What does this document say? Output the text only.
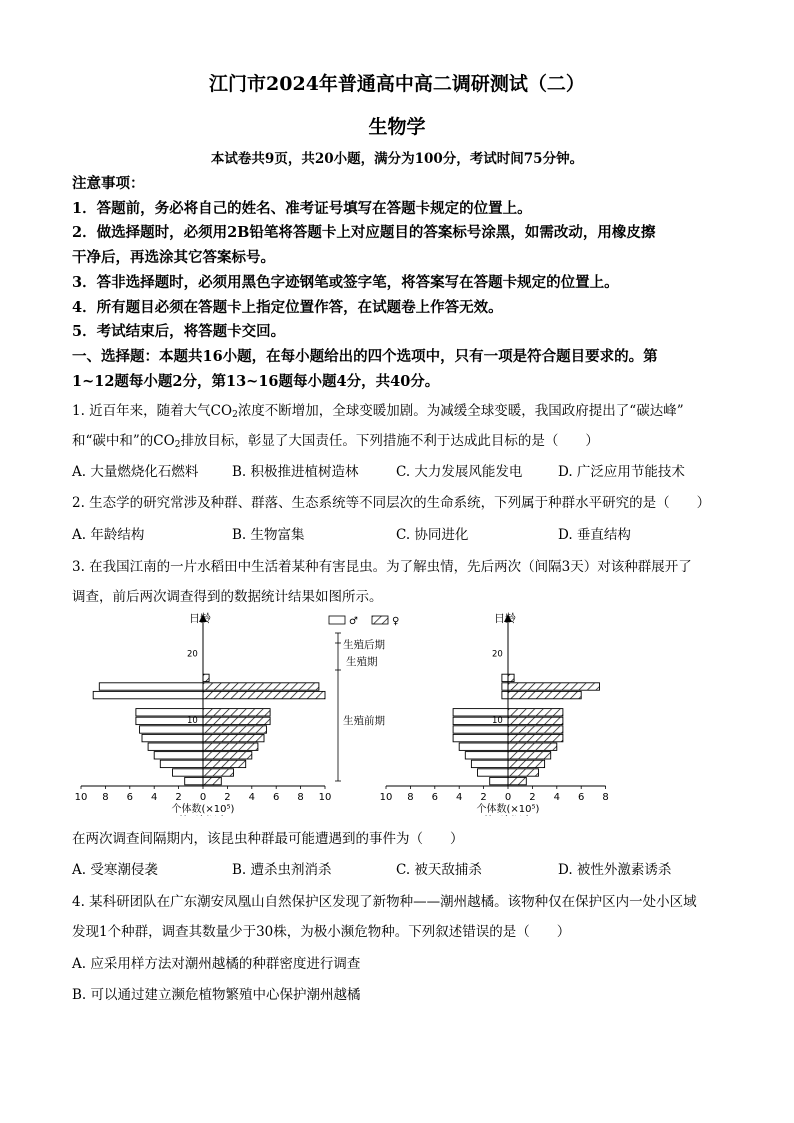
江门市2024年普通高中高二调研测试（二）
生物学
本试卷共9页，共20小题，满分为100分，考试时间75分钟。
注意事项：
1．答题前，务必将自己的姓名、准考证号填写在答题卡规定的位置上。
2．做选择题时，必须用2B铅笔将答题卡上对应题目的答案标号涂黑，如需改动，用橡皮擦
干净后，再选涂其它答案标号。
3．答非选择题时，必须用黑色字迹钢笔或签字笔，将答案写在答题卡规定的位置上。
4．所有题目必须在答题卡上指定位置作答，在试题卷上作答无效。
5．考试结束后，将答题卡交回。
一、选择题：本题共16小题，在每小题给出的四个选项中，只有一项是符合题目要求的。第
1~12题每小题2分，第13~16题每小题4分，共40分。
1. 近百年来，随着大气$CO_2$浓度不断增加，全球变暖加剧。为减缓全球变暖，我国政府提出了“碳达峰”
和“碳中和”的$CO_2$排放目标，彰显了大国责任。下列措施不利于达成此目标的是（　　）
A. 大量燃烧化石燃料 B. 积极推进植树造林	C. 大力发展风能发电	D. 广泛应用节能技术
2. 生态学的研究常涉及种群、群落、生态系统等不同层次的生命系统，下列属于种群水平研究的是（　　）
A. 年龄结构	B. 生物富集	C. 协同进化	D. 垂直结构
3. 在我国江南的一片水稻田中生活着某种有害昆虫。为了解虫情，先后两次（间隔3天）对该种群展开了
调查，前后两次调查得到的数据统计结果如图所示。
日龄
10
20
10 8 6 4 2 0 2 4 6 8 10
个体数(×10⁵)
日龄
10
20
10 8 6 4 2 0 2 4 6 8
个体数(×10⁵)
♂	♀
生殖后期
生殖期
生殖前期
在两次调查间隔期内，该昆虫种群最可能遭遇到的事件为（　　）
A. 受寒潮侵袭	B. 遭杀虫剂消杀	C. 被天敌捕杀	D. 被性外激素诱杀
4. 某科研团队在广东潮安凤凰山自然保护区发现了新物种——潮州越橘。该物种仅在保护区内一处小区域
发现1个种群，调查其数量少于30株，为极小濒危物种。下列叙述错误的是（　　）
A. 应采用样方法对潮州越橘的种群密度进行调查
B. 可以通过建立濒危植物繁殖中心保护潮州越橘
